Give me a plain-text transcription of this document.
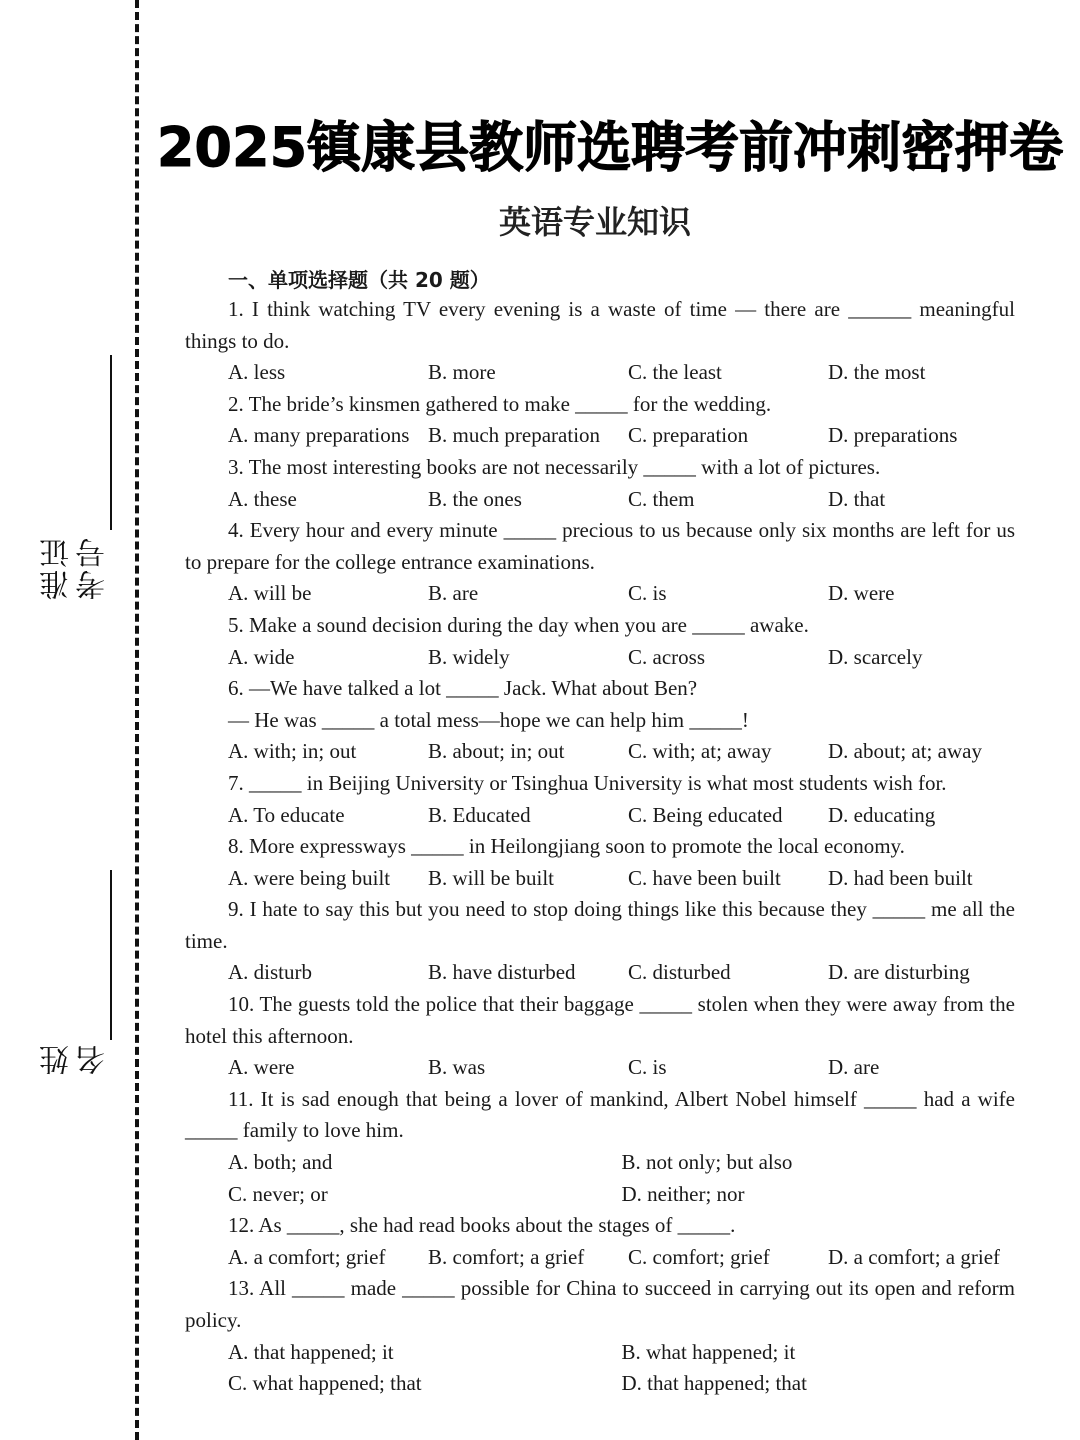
准证考号
姓名
2025镇康县教师选聘考前冲刺密押卷
英语专业知识
一、单项选择题（共 20 题）

1. I think watching TV every evening is a waste of time — there are ______ meaningful things to do.

A. less	B. more	C. the least	D. the most

2. The bride’s kinsmen gathered to make _____ for the wedding.

A. many preparations B. much preparation	C. preparation	D. preparations

3. The most interesting books are not necessarily _____ with a lot of pictures.

A. these	B. the ones	C. them	D. that

4. Every hour and every minute _____ precious to us because only six months are left for us to prepare for the college entrance examinations.

A. will be	B. are	C. is	D. were

5. Make a sound decision during the day when you are _____ awake.

A. wide	B. widely	C. across	D. scarcely

6. —We have talked a lot _____ Jack. What about Ben?

— He was _____ a total mess—hope we can help him _____!

A. with; in; out	B. about; in; out	C. with; at; away	D. about; at; away

7. _____ in Beijing University or Tsinghua University is what most students wish for.

A. To educate	B. Educated	C. Being educated	D. educating

8. More expressways _____ in Heilongjiang soon to promote the local economy.

A. were being built	B. will be built	C. have been built	D. had been built

9. I hate to say this but you need to stop doing things like this because they _____ me all the time.

A. disturb	B. have disturbed	C. disturbed	D. are disturbing

10. The guests told the police that their baggage _____ stolen when they were away from the hotel this afternoon.

A. were	B. was	C. is	D. are

11. It is sad enough that being a lover of mankind, Albert Nobel himself _____ had a wife _____ family to love him.

A. both; and	B. not only; but also
C. never; or	D. neither; nor

12. As _____, she had read books about the stages of _____.

A. a comfort; grief	B. comfort; a grief	C. comfort; grief	D. a comfort; a grief

13. All _____ made _____ possible for China to succeed in carrying out its open and reform policy.

A. that happened; it	B. what happened; it
C. what happened; that	D. that happened; that
